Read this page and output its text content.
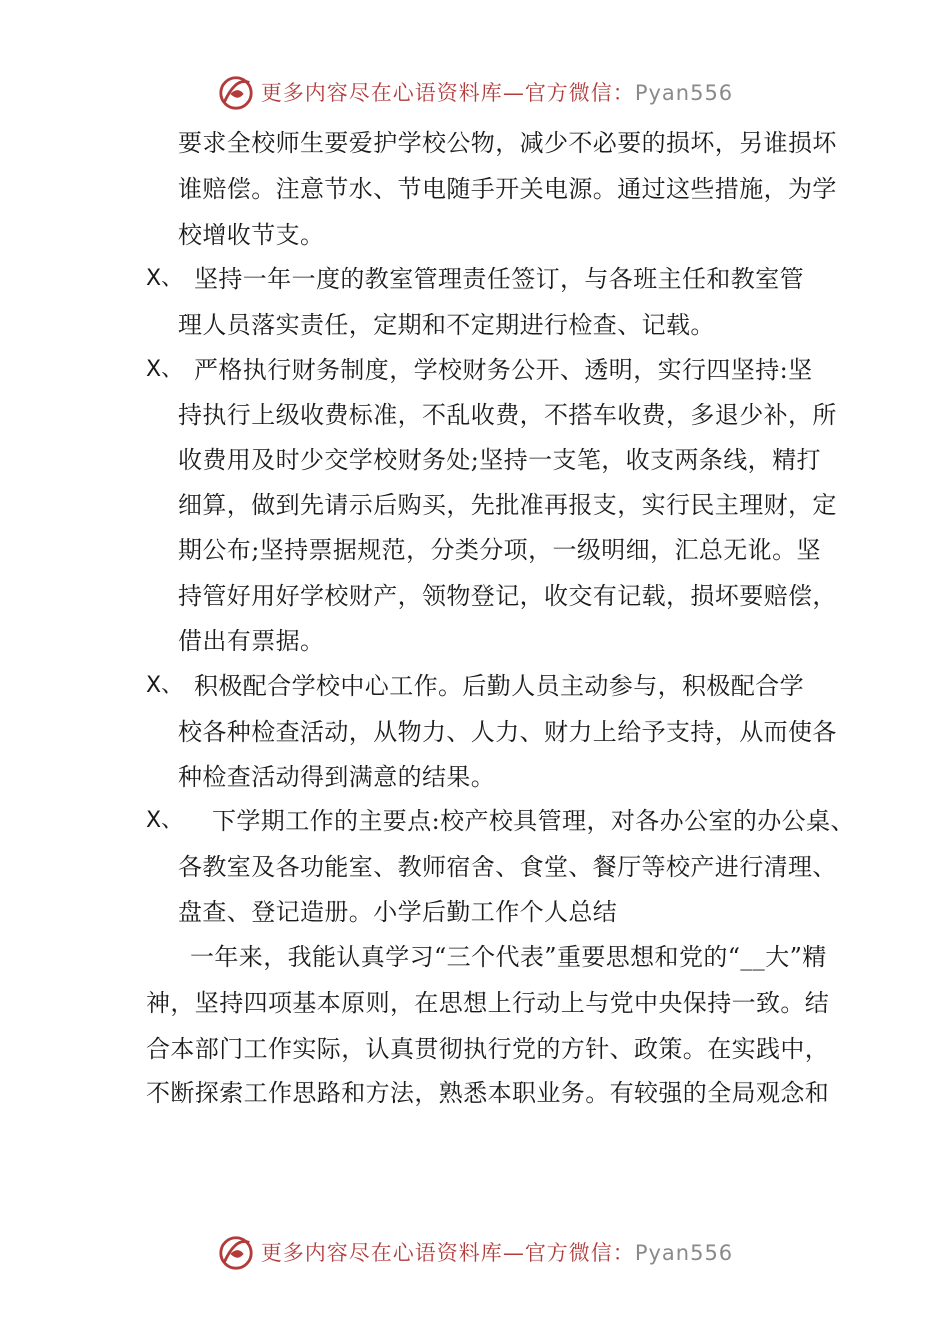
更多内容尽在心语资料库—官方微信：Pyan556
要求全校师生要爱护学校公物，减少不必要的损坏，另谁损坏
谁赔偿。注意节水、节电随手开关电源。通过这些措施，为学
校增收节支。
X、 坚持一年一度的教室管理责任签订，与各班主任和教室管
理人员落实责任，定期和不定期进行检查、记载。
X、 严格执行财务制度，学校财务公开、透明，实行四坚持:坚
持执行上级收费标准，不乱收费，不搭车收费，多退少补，所
收费用及时少交学校财务处;坚持一支笔，收支两条线，精打
细算，做到先请示后购买，先批准再报支，实行民主理财，定
期公布;坚持票据规范，分类分项，一级明细，汇总无讹。坚
持管好用好学校财产，领物登记，收交有记载，损坏要赔偿，
借出有票据。
X、 积极配合学校中心工作。后勤人员主动参与，积极配合学
校各种检查活动，从物力、人力、财力上给予支持，从而使各
种检查活动得到满意的结果。
X、 下学期工作的主要点:校产校具管理，对各办公室的办公桌、
各教室及各功能室、教师宿舍、食堂、餐厅等校产进行清理、
盘查、登记造册。小学后勤工作个人总结
一年来，我能认真学习“三个代表”重要思想和党的“__大”精
神，坚持四项基本原则，在思想上行动上与党中央保持一致。结
合本部门工作实际，认真贯彻执行党的方针、政策。在实践中，
不断探索工作思路和方法，熟悉本职业务。有较强的全局观念和
更多内容尽在心语资料库—官方微信：Pyan556
